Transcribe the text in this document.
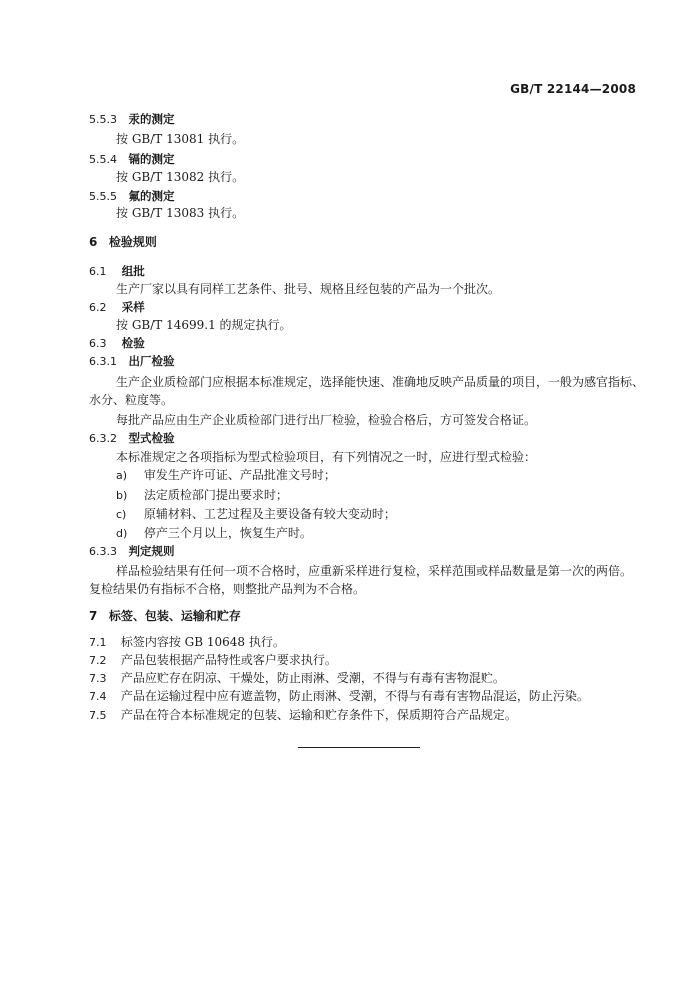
GB/T 22144—2008
5.5.3 汞的测定
按 GB/T 13081 执行。
5.5.4 镉的测定
按 GB/T 13082 执行。
5.5.5 氟的测定
按 GB/T 13083 执行。
6 检验规则
6.1 组批
生产厂家以具有同样工艺条件、批号、规格且经包装的产品为一个批次。
6.2 采样
按 GB/T 14699.1 的规定执行。
6.3 检验
6.3.1 出厂检验
生产企业质检部门应根据本标准规定，选择能快速、准确地反映产品质量的项目，一般为感官指标、
水分、粒度等。
每批产品应由生产企业质检部门进行出厂检验，检验合格后，方可签发合格证。
6.3.2 型式检验
本标准规定之各项指标为型式检验项目，有下列情况之一时，应进行型式检验：
a) 审发生产许可证、产品批准文号时；
b) 法定质检部门提出要求时；
c) 原辅材料、工艺过程及主要设备有较大变动时；
d) 停产三个月以上，恢复生产时。
6.3.3 判定规则
样品检验结果有任何一项不合格时，应重新采样进行复检，采样范围或样品数量是第一次的两倍。
复检结果仍有指标不合格，则整批产品判为不合格。
7 标签、包装、运输和贮存
7.1 标签内容按 GB 10648 执行。
7.2 产品包装根据产品特性或客户要求执行。
7.3 产品应贮存在阴凉、干燥处，防止雨淋、受潮，不得与有毒有害物混贮。
7.4 产品在运输过程中应有遮盖物，防止雨淋、受潮，不得与有毒有害物品混运，防止污染。
7.5 产品在符合本标准规定的包装、运输和贮存条件下，保质期符合产品规定。
